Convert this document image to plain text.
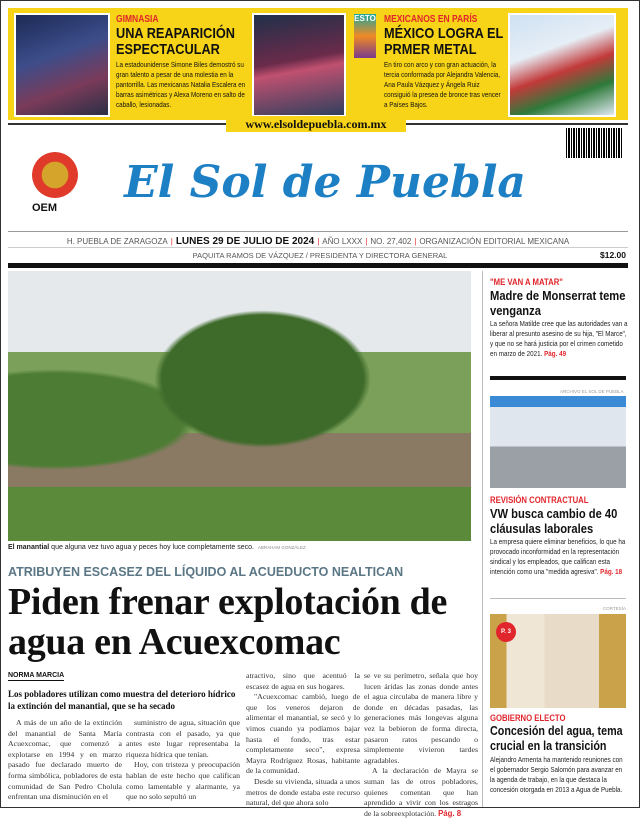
GIMNASIA
UNA REAPARICIÓN ESPECTACULAR
La estadounidense Simone Biles demostró su gran talento a pesar de una molestia en la pantorrilla. Las mexicanas Natalia Escalera en barras asimétricas y Alexa Moreno en salto de caballo, lesionadas.
ESTO MEXICANOS EN PARÍS
MÉXICO LOGRA EL PRMER METAL
En tiro con arco y con gran actuación, la tercia conformada por Alejandra Valencia, Ana Paula Vázquez y Ángela Ruiz consiguió la presea de bronce tras vencer a Países Bajos.
www.elsoldepuebla.com.mx
OEM	El Sol de Puebla
H. PUEBLA DE ZARAGOZA | LUNES 29 DE JULIO DE 2024 | AÑO LXXX | NO. 27,402 | ORGANIZACIÓN EDITORIAL MEXICANA
PAQUITA RAMOS DE VÁZQUEZ / PRESIDENTA Y DIRECTORA GENERAL	$12.00
El manantial que alguna vez tuvo agua y peces hoy luce completamente seco. ABRAHAM GONZÁLEZ
ATRIBUYEN ESCASEZ DEL LÍQUIDO AL ACUEDUCTO NEALTICAN
Piden frenar explotación de agua en Acuexcomac
NORMA MARCIA
Los pobladores utilizan como muestra del deterioro hídrico la extinción del manantial, que se ha secado

A más de un año de la extinción del manantial de Santa María Acuexcomac, que comenzó a explotarse en 1994 y en marzo pasado fue declarado muerto de forma simbólica, pobladores de esta comunidad de San Pedro Cholula enfrentan una disminución en el

suministro de agua, situación que contrasta con el pasado, ya que antes este lugar representaba la riqueza hídrica que tenían.

Hoy, con tristeza y preocupación hablan de este hecho que califican como lamentable y alarmante, ya que no solo sepultó un

atractivo, sino que acentuó la escasez de agua en sus hogares.

"Acuexcomac cambió, luego de que los veneros dejaron de alimentar el manantial, se secó y lo vimos cuando ya podíamos bajar hasta el fondo, tras estar completamente seco", expresa Mayra Rodríguez Rosas, habitante de la comunidad.

Desde su vivienda, situada a unos metros de donde estaba este recurso natural, del que ahora solo

se ve su perímetro, señala que hoy lucen áridas las zonas donde antes el agua circulaba de manera libre y donde en décadas pasadas, las generaciones más longevas alguna vez la bebieron de forma directa, pasaron ratos pescando o simplemente vivieron tardes agradables.

A la declaración de Mayra se suman las de otros pobladores, quienes comentan que han aprendido a vivir con los estragos de la sobreexplotación. Pág. 8

"ME VAN A MATAR"
Madre de Monserrat teme venganza
La señora Matilde cree que las autoridades van a liberar al presunto asesino de su hija, "El Marce", y que no se hará justicia por el crimen cometido en marzo de 2021. Pág. 49
ARCHIVO EL SOL DE PUEBLA
REVISIÓN CONTRACTUAL
VW busca cambio de 40 cláusulas laborales
La empresa quiere eliminar beneficios, lo que ha provocado inconformidad en la representación sindical y los empleados, que califican esta intención como una "medida agresiva". Pág. 18
CORTESÍA
P. 3
GOBIERNO ELECTO
Concesión del agua, tema crucial en la transición
Alejandro Armenta ha mantenido reuniones con el gobernador Sergio Salomón para avanzar en la agenda de trabajo, en la que destaca la concesión otorgada en 2013 a Agua de Puebla.
